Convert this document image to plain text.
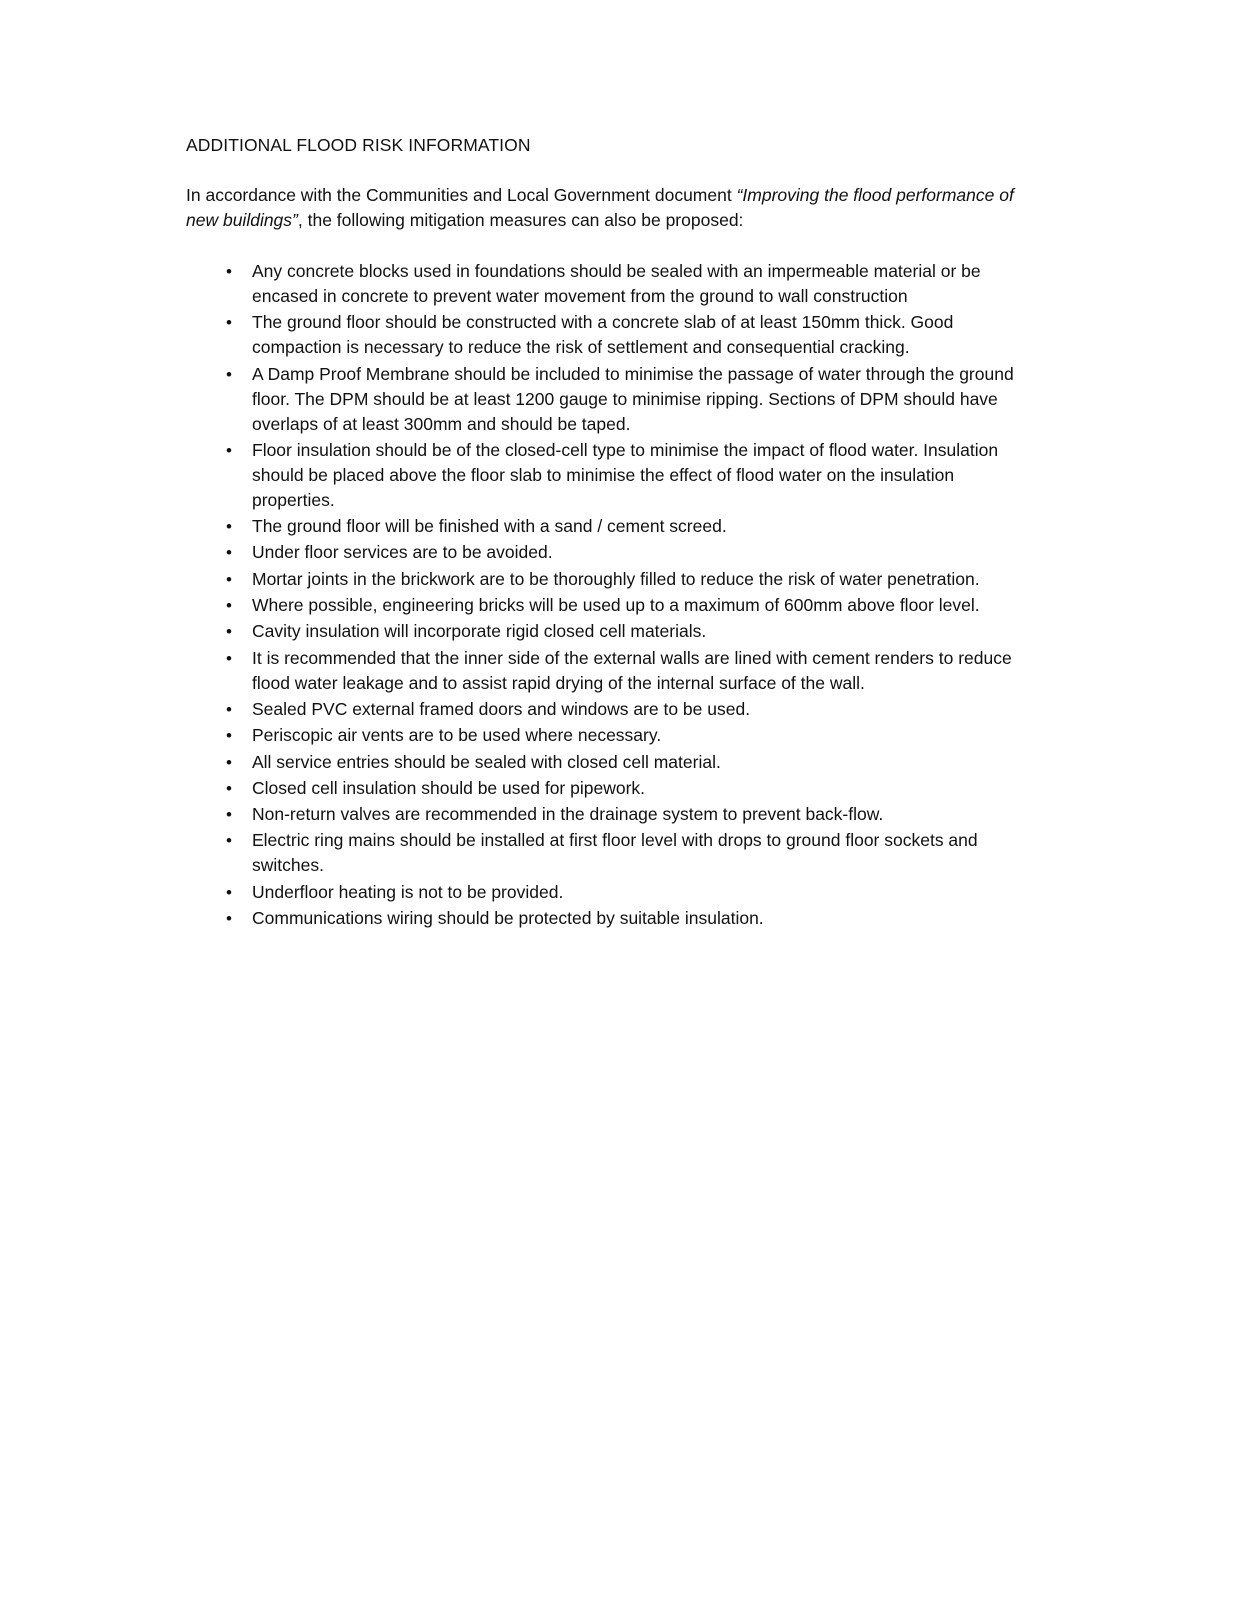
ADDITIONAL FLOOD RISK INFORMATION

In accordance with the Communities and Local Government document “Improving the flood performance of new buildings”, the following mitigation measures can also be proposed:

• Any concrete blocks used in foundations should be sealed with an impermeable material or be encased in concrete to prevent water movement from the ground to wall construction
• The ground floor should be constructed with a concrete slab of at least 150mm thick. Good compaction is necessary to reduce the risk of settlement and consequential cracking.
• A Damp Proof Membrane should be included to minimise the passage of water through the ground floor. The DPM should be at least 1200 gauge to minimise ripping. Sections of DPM should have overlaps of at least 300mm and should be taped.
• Floor insulation should be of the closed-cell type to minimise the impact of flood water. Insulation should be placed above the floor slab to minimise the effect of flood water on the insulation properties.
• The ground floor will be finished with a sand / cement screed.
• Under floor services are to be avoided.
• Mortar joints in the brickwork are to be thoroughly filled to reduce the risk of water penetration.
• Where possible, engineering bricks will be used up to a maximum of 600mm above floor level.
• Cavity insulation will incorporate rigid closed cell materials.
• It is recommended that the inner side of the external walls are lined with cement renders to reduce flood water leakage and to assist rapid drying of the internal surface of the wall.
• Sealed PVC external framed doors and windows are to be used.
• Periscopic air vents are to be used where necessary.
• All service entries should be sealed with closed cell material.
• Closed cell insulation should be used for pipework.
• Non-return valves are recommended in the drainage system to prevent back-flow.
• Electric ring mains should be installed at first floor level with drops to ground floor sockets and switches.
• Underfloor heating is not to be provided.
• Communications wiring should be protected by suitable insulation.
